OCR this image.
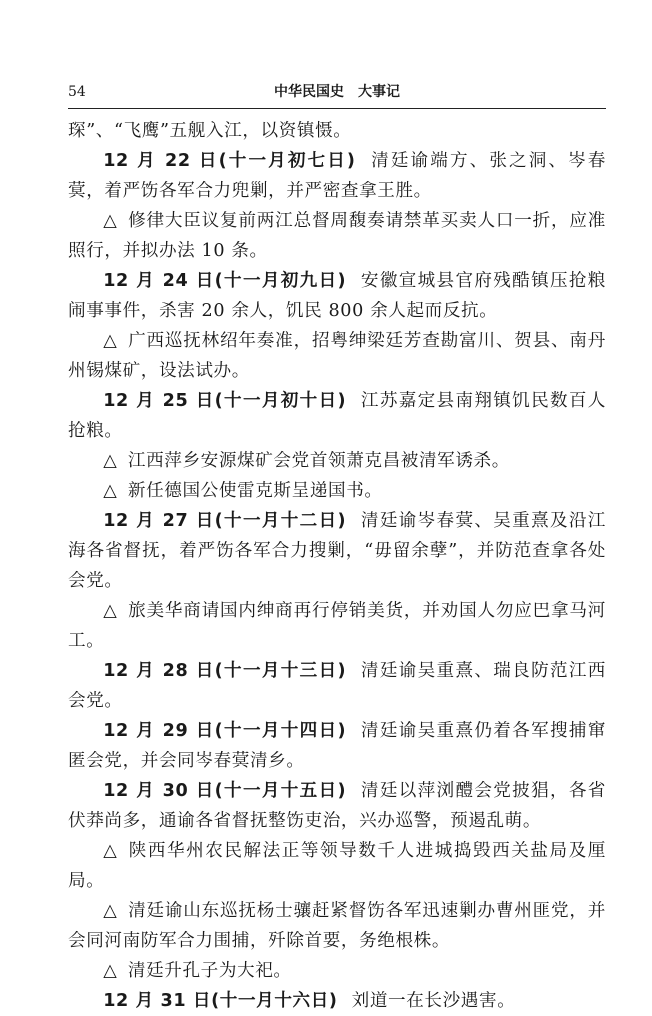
54	中华民国史　大事记

琛”、“飞鹰”五舰入江，以资镇慑。

12 月 22 日(十一月初七日) 清廷谕端方、张之洞、岑春蓂，着严饬各军合力兜剿，并严密查拿王胜。

△ 修律大臣议复前两江总督周馥奏请禁革买卖人口一折，应准照行，并拟办法 10 条。

12 月 24 日(十一月初九日) 安徽宣城县官府残酷镇压抢粮闹事事件，杀害 20 余人，饥民 800 余人起而反抗。

△ 广西巡抚林绍年奏准，招粤绅梁廷芳查勘富川、贺县、南丹州锡煤矿，设法试办。

12 月 25 日(十一月初十日) 江苏嘉定县南翔镇饥民数百人抢粮。

△ 江西萍乡安源煤矿会党首领萧克昌被清军诱杀。

△ 新任德国公使雷克斯呈递国书。

12 月 27 日(十一月十二日) 清廷谕岑春蓂、吴重熹及沿江海各省督抚，着严饬各军合力搜剿，“毋留余孽”，并防范查拿各处会党。

△ 旅美华商请国内绅商再行停销美货，并劝国人勿应巴拿马河工。

12 月 28 日(十一月十三日) 清廷谕吴重熹、瑞良防范江西会党。

12 月 29 日(十一月十四日) 清廷谕吴重熹仍着各军搜捕窜匿会党，并会同岑春蓂清乡。

12 月 30 日(十一月十五日) 清廷以萍浏醴会党披猖，各省伏莽尚多，通谕各省督抚整饬吏治，兴办巡警，预遏乱萌。

△ 陕西华州农民解法正等领导数千人进城捣毁西关盐局及厘局。

△ 清廷谕山东巡抚杨士骧赶紧督饬各军迅速剿办曹州匪党，并会同河南防军合力围捕，歼除首要，务绝根株。

△ 清廷升孔子为大祀。

12 月 31 日(十一月十六日) 刘道一在长沙遇害。
